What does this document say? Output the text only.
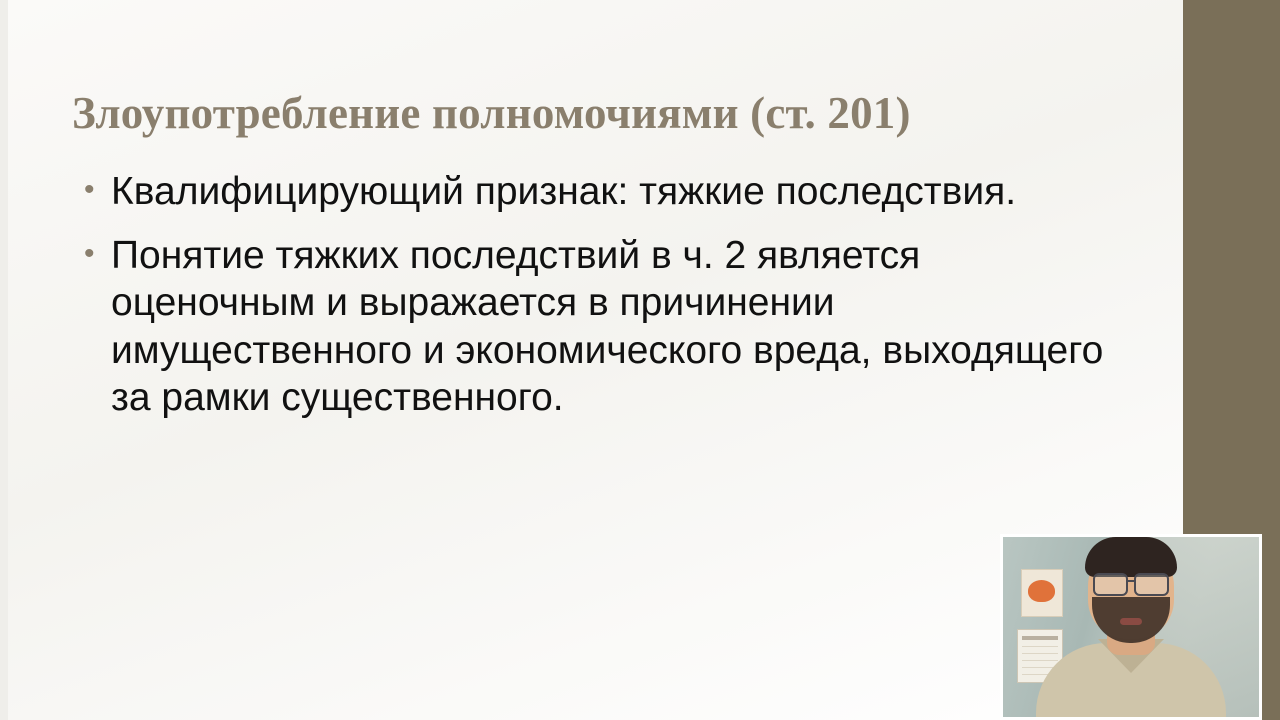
Злоупотребление полномочиями (ст. 201)
• Квалифицирующий признак: тяжкие последствия.
• Понятие тяжких последствий в ч. 2 является оценочным и выражается в причинении имущественного и экономического вреда, выходящего за рамки существенного.
